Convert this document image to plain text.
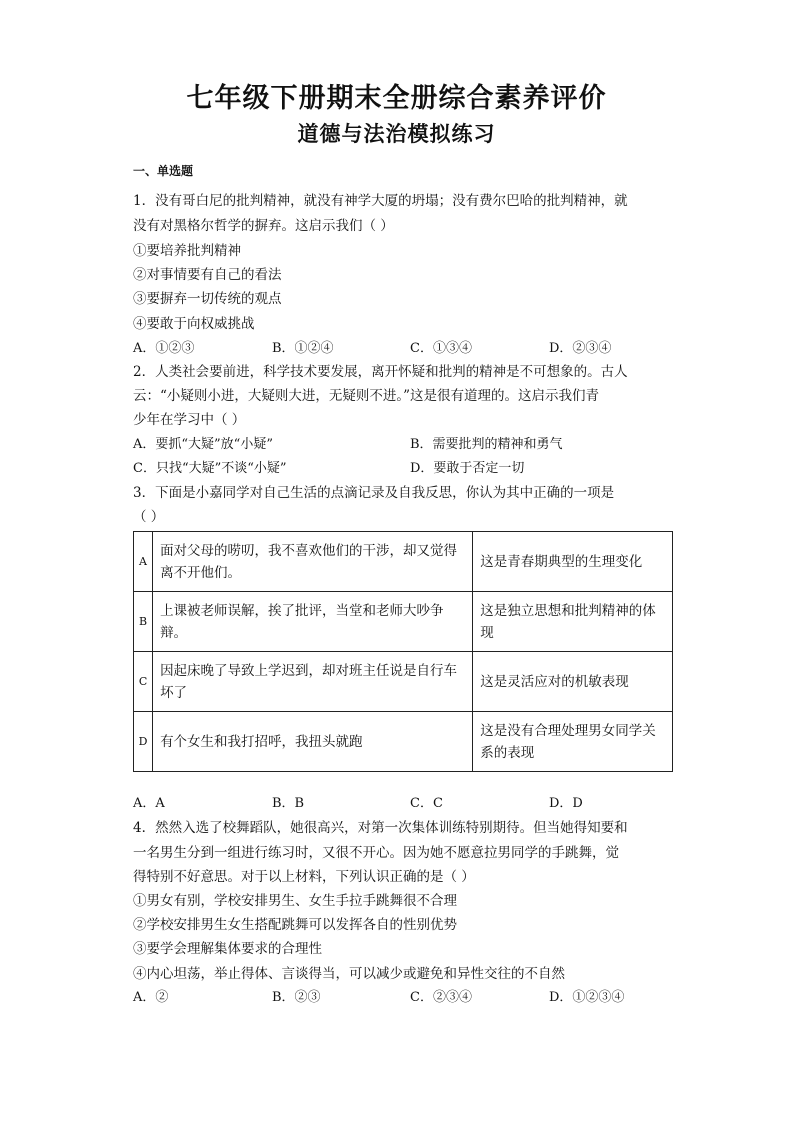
七年级下册期末全册综合素养评价
道德与法治模拟练习
一、单选题
1．没有哥白尼的批判精神，就没有神学大厦的坍塌；没有费尔巴哈的批判精神，就
没有对黑格尔哲学的摒弃。这启示我们（ ）
①要培养批判精神
②对事情要有自己的看法
③要摒弃一切传统的观点
④要敢于向权威挑战
A．①②③	B．①②④	C．①③④	D．②③④
2．人类社会要前进，科学技术要发展，离开怀疑和批判的精神是不可想象的。古人
云：“小疑则小进，大疑则大进，无疑则不进。”这是很有道理的。这启示我们青
少年在学习中（ ）
A．要抓“大疑”放“小疑”	B．需要批判的精神和勇气
C．只找“大疑”不谈“小疑”	D．要敢于否定一切
3．下面是小嘉同学对自己生活的点滴记录及自我反思，你认为其中正确的一项是
（ ）
A	面对父母的唠叨，我不喜欢他们的干涉，却又觉得离不开他们。	这是青春期典型的生理变化
B	上课被老师误解，挨了批评，当堂和老师大吵争辩。	这是独立思想和批判精神的体现
C	因起床晚了导致上学迟到，却对班主任说是自行车坏了	这是灵活应对的机敏表现
D	有个女生和我打招呼，我扭头就跑	这是没有合理处理男女同学关系的表现
A．A	B．B	C．C	D．D
4．然然入选了校舞蹈队，她很高兴，对第一次集体训练特别期待。但当她得知要和
一名男生分到一组进行练习时，又很不开心。因为她不愿意拉男同学的手跳舞，觉
得特别不好意思。对于以上材料，下列认识正确的是（ ）
①男女有别，学校安排男生、女生手拉手跳舞很不合理
②学校安排男生女生搭配跳舞可以发挥各自的性别优势
③要学会理解集体要求的合理性
④内心坦荡，举止得体、言谈得当，可以减少或避免和异性交往的不自然
A．②	B．②③	C．②③④	D．①②③④
